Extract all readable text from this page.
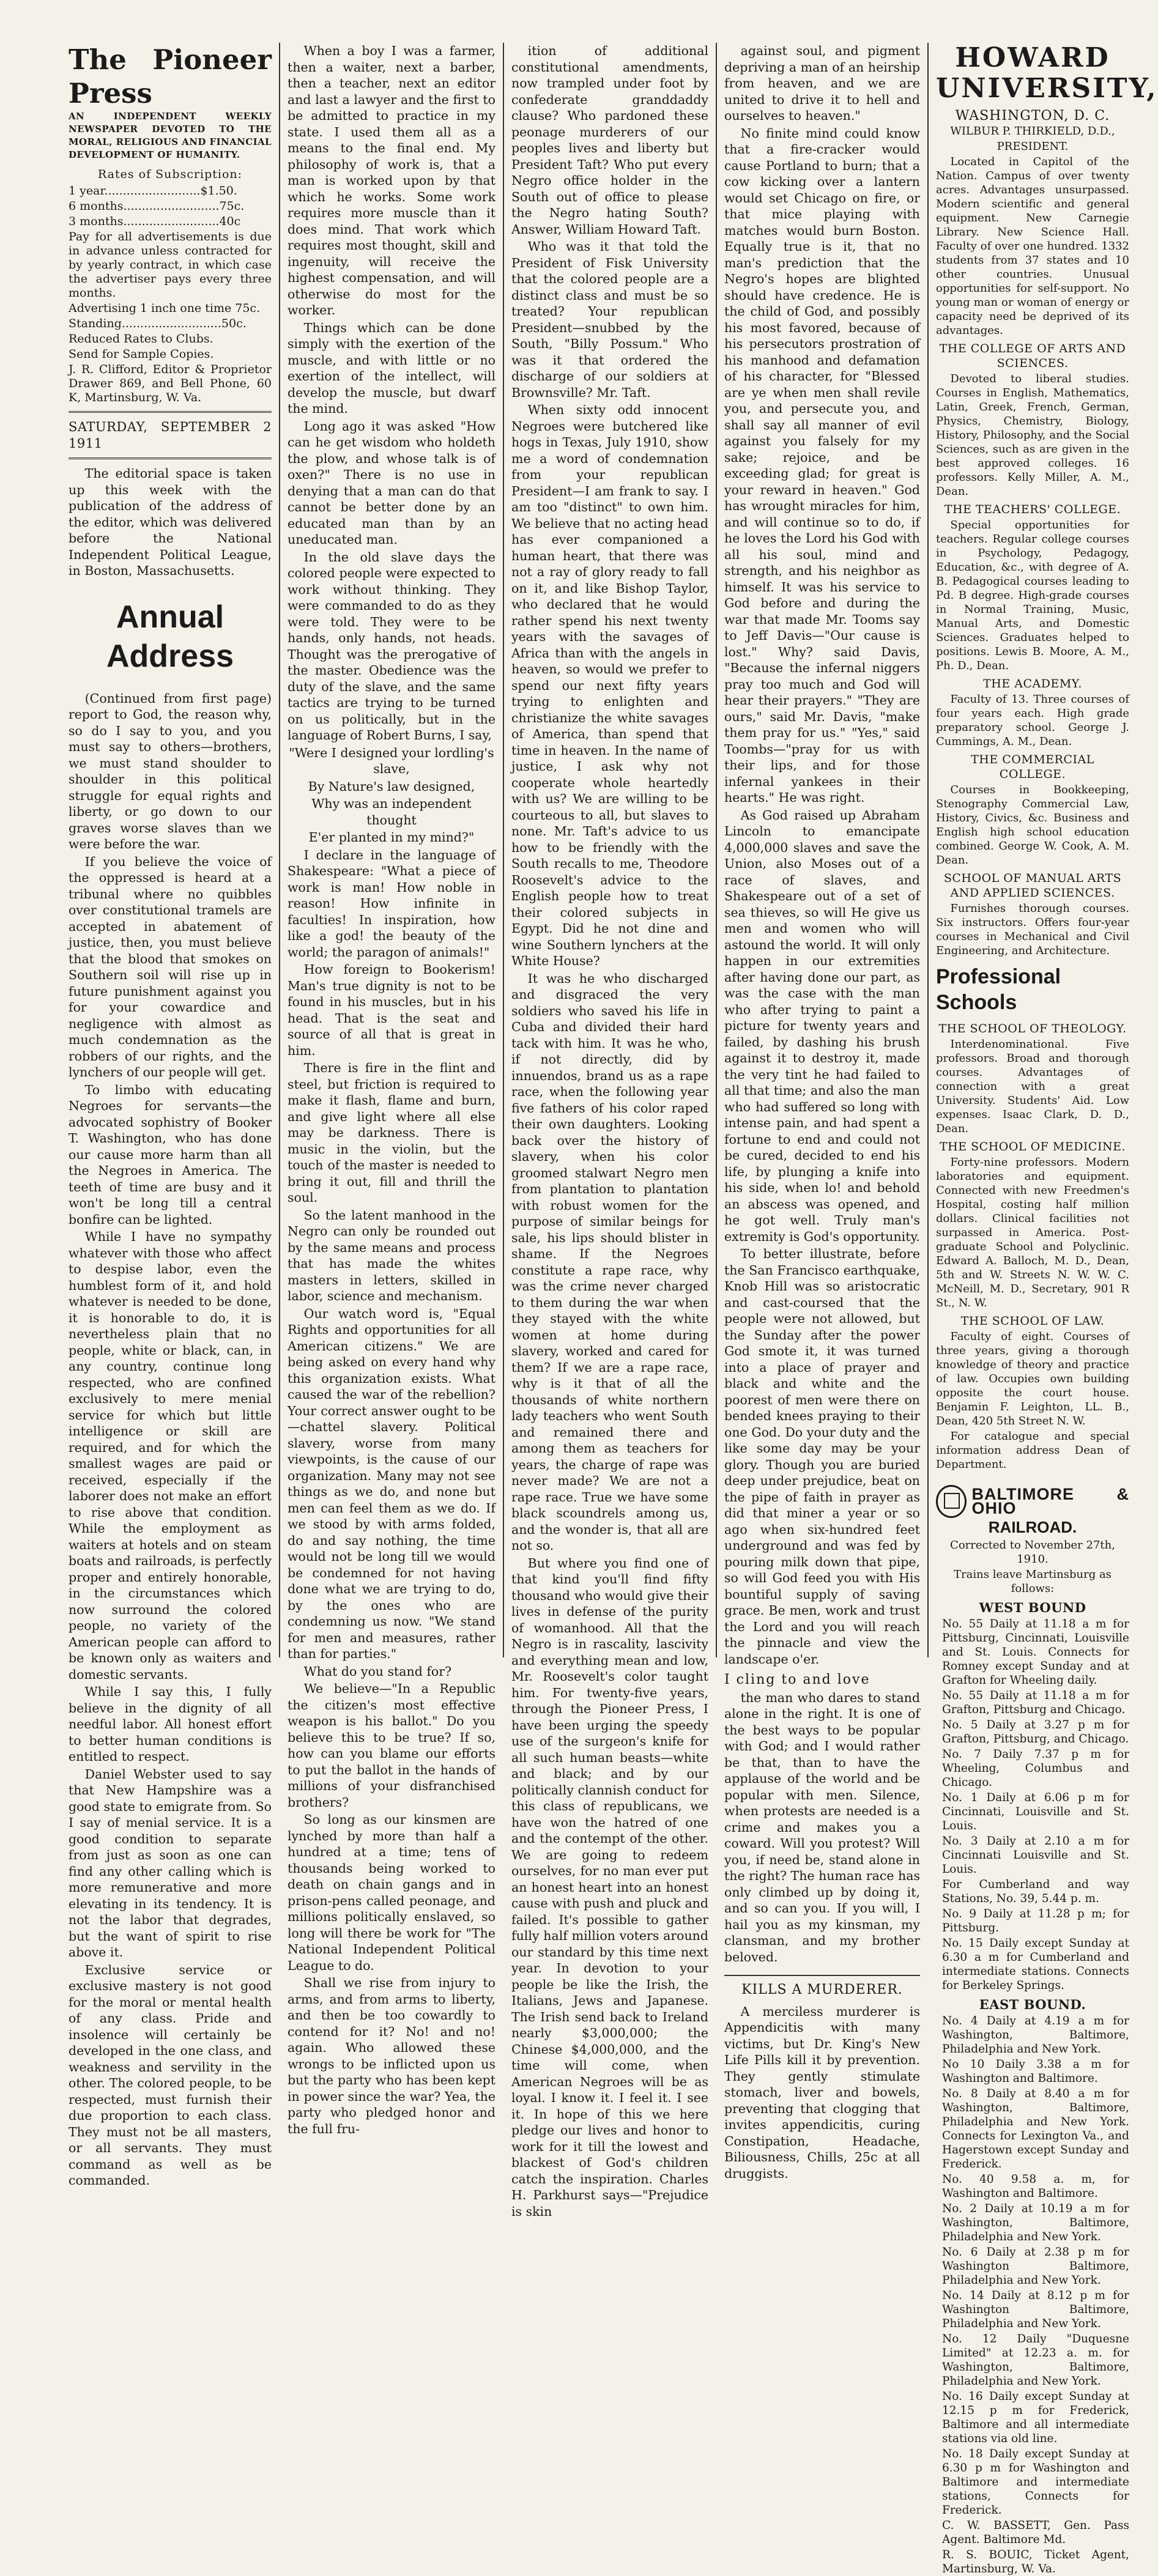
The Pioneer Press

AN INDEPENDENT WEEKLY NEWSPAPER DEVOTED TO THE MORAL, RELIGIOUS AND FINANCIAL DEVELOPMENT OF HUMANITY.

Rates of Subscription:

1 year..........................$1.50.

6 months..........................75c.

3 months..........................40c

Pay for all advertisements is due in advance unless contracted for by yearly contract, in which case the advertiser pays every three months.

Advertising 1 inch one time 75c.

Standing...........................50c.

Reduced Rates to Clubs.

Send for Sample Copies.

J. R. Clifford, Editor & Proprietor Drawer 869, and Bell Phone, 60 K, Martinsburg, W. Va.

SATURDAY, SEPTEMBER 2 1911

The editorial space is taken up this week with the publication of the address of the editor, which was delivered before the National Independent Political League, in Boston, Massachusetts.

Annual Address

(Continued from first page) report to God, the reason why, so do I say to you, and you must say to others—brothers, we must stand shoulder to shoulder in this political struggle for equal rights and liberty, or go down to our graves worse slaves than we were before the war.

If you believe the voice of the oppressed is heard at a tribunal where no quibbles over constitutional tramels are accepted in abatement of justice, then, you must believe that the blood that smokes on Southern soil will rise up in future punishment against you for your cowardice and negligence with almost as much condemnation as the robbers of our rights, and the lynchers of our people will get.

To limbo with educating Negroes for servants—the advocated sophistry of Booker T. Washington, who has done our cause more harm than all the Negroes in America. The teeth of time are busy and it won't be long till a central bonfire can be lighted.

While I have no sympathy whatever with those who affect to despise labor, even the humblest form of it, and hold whatever is needed to be done, it is honorable to do, it is nevertheless plain that no people, white or black, can, in any country, continue long respected, who are confined exclusively to mere menial service for which but little intelligence or skill are required, and for which the smallest wages are paid or received, especially if the laborer does not make an effort to rise above that condition. While the employment as waiters at hotels and on steam boats and railroads, is perfectly proper and entirely honorable, in the circumstances which now surround the colored people, no variety of the American people can afford to be known only as waiters and domestic servants.

While I say this, I fully believe in the dignity of all needful labor. All honest effort to better human conditions is entitled to respect.

Daniel Webster used to say that New Hampshire was a good state to emigrate from. So I say of menial service. It is a good condition to separate from just as soon as one can find any other calling which is more remunerative and more elevating in its tendency. It is not the labor that degrades, but the want of spirit to rise above it.

Exclusive service or exclusive mastery is not good for the moral or mental health of any class. Pride and insolence will certainly be developed in the one class, and weakness and servility in the other. The colored people, to be respected, must furnish their due proportion to each class. They must not be all masters, or all servants. They must command as well as be commanded.

When a boy I was a farmer, then a waiter, next a barber, then a teacher, next an editor and last a lawyer and the first to be admitted to practice in my state. I used them all as a means to the final end. My philosophy of work is, that a man is worked upon by that which he works. Some work requires more muscle than it does mind. That work which requires most thought, skill and ingenuity, will receive the highest compensation, and will otherwise do most for the worker.

Things which can be done simply with the exertion of the muscle, and with little or no exertion of the intellect, will develop the muscle, but dwarf the mind.

Long ago it was asked "How can he get wisdom who holdeth the plow, and whose talk is of oxen?" There is no use in denying that a man can do that cannot be better done by an educated man than by an uneducated man.

In the old slave days the colored people were expected to work without thinking. They were commanded to do as they were told. They were to be hands, only hands, not heads. Thought was the prerogative of the master. Obedience was the duty of the slave, and the same tactics are trying to be turned on us politically, but in the language of Robert Burns, I say,

"Were I designed your lordling's slave,

By Nature's law designed,

Why was an independent thought

E'er planted in my mind?"

I declare in the language of Shakespeare: "What a piece of work is man! How noble in reason! How infinite in faculties! In inspiration, how like a god! the beauty of the world; the paragon of animals!"

How foreign to Bookerism! Man's true dignity is not to be found in his muscles, but in his head. That is the seat and source of all that is great in him.

There is fire in the flint and steel, but friction is required to make it flash, flame and burn, and give light where all else may be darkness. There is music in the violin, but the touch of the master is needed to bring it out, fill and thrill the soul.

So the latent manhood in the Negro can only be rounded out by the same means and process that has made the whites masters in letters, skilled in labor, science and mechanism.

Our watch word is, "Equal Rights and opportunities for all American citizens." We are being asked on every hand why this organization exists. What caused the war of the rebellion? Your correct answer ought to be—chattel slavery. Political slavery, worse from many viewpoints, is the cause of our organization. Many may not see things as we do, and none but men can feel them as we do. If we stood by with arms folded, do and say nothing, the time would not be long till we would be condemned for not having done what we are trying to do, by the ones who are condemning us now. "We stand for men and measures, rather than for parties."

What do you stand for?

We believe—"In a Republic the citizen's most effective weapon is his ballot." Do you believe this to be true? If so, how can you blame our efforts to put the ballot in the hands of millions of your disfranchised brothers?

So long as our kinsmen are lynched by more than half a hundred at a time; tens of thousands being worked to death on chain gangs and in prison-pens called peonage, and millions politically enslaved, so long will there be work for "The National Independent Political League to do.

Shall we rise from injury to arms, and from arms to liberty, and then be too cowardly to contend for it? No! and no! again. Who allowed these wrongs to be inflicted upon us but the party who has been kept in power since the war? Yea, the party who pledged honor and the full fru-

ition of additional constitutional amendments, now trampled under foot by confederate granddaddy clause? Who pardoned these peonage murderers of our peoples lives and liberty but President Taft? Who put every Negro office holder in the South out of office to please the Negro hating South? Answer, William Howard Taft.

Who was it that told the President of Fisk University that the colored people are a distinct class and must be so treated? Your republican President—snubbed by the South, "Billy Possum." Who was it that ordered the discharge of our soldiers at Brownsville? Mr. Taft.

When sixty odd innocent Negroes were butchered like hogs in Texas, July 1910, show me a word of condemnation from your republican President—I am frank to say. I am too "distinct" to own him. We believe that no acting head has ever companioned a human heart, that there was not a ray of glory ready to fall on it, and like Bishop Taylor, who declared that he would rather spend his next twenty years with the savages of Africa than with the angels in heaven, so would we prefer to spend our next fifty years trying to enlighten and christianize the white savages of America, than spend that time in heaven. In the name of justice, I ask why not cooperate whole heartedly with us? We are willing to be courteous to all, but slaves to none. Mr. Taft's advice to us how to be friendly with the South recalls to me, Theodore Roosevelt's advice to the English people how to treat their colored subjects in Egypt. Did he not dine and wine Southern lynchers at the White House?

It was he who discharged and disgraced the very soldiers who saved his life in Cuba and divided their hard tack with him. It was he who, if not directly, did by innuendos, brand us as a rape race, when the following year five fathers of his color raped their own daughters. Looking back over the history of slavery, when his color groomed stalwart Negro men from plantation to plantation with robust women for the purpose of similar beings for sale, his lips should blister in shame. If the Negroes constitute a rape race, why was the crime never charged to them during the war when they stayed with the white women at home during slavery, worked and cared for them? If we are a rape race, why is it that of all the thousands of white northern lady teachers who went South and remained there and among them as teachers for years, the charge of rape was never made? We are not a rape race. True we have some black scoundrels among us, and the wonder is, that all are not so.

But where you find one of that kind you'll find fifty thousand who would give their lives in defense of the purity of womanhood. All that the Negro is in rascality, lascivity and everything mean and low, Mr. Roosevelt's color taught him. For twenty-five years, through the Pioneer Press, I have been urging the speedy use of the surgeon's knife for all such human beasts—white and black; and by our politically clannish conduct for this class of republicans, we have won the hatred of one and the contempt of the other. We are going to redeem ourselves, for no man ever put an honest heart into an honest cause with push and pluck and failed. It's possible to gather fully half million voters around our standard by this time next year. In devotion to your people be like the Irish, the Italians, Jews and Japanese. The Irish send back to Ireland nearly $3,000,000; the Chinese $4,000,000, and the time will come, when American Negroes will be as loyal. I know it. I feel it. I see it. In hope of this we here pledge our lives and honor to work for it till the lowest and blackest of God's children catch the inspiration. Charles H. Parkhurst says—"Prejudice is skin

against soul, and pigment depriving a man of an heirship from heaven, and we are united to drive it to hell and ourselves to heaven."

No finite mind could know that a fire-cracker would cause Portland to burn; that a cow kicking over a lantern would set Chicago on fire, or that mice playing with matches would burn Boston. Equally true is it, that no man's prediction that the Negro's hopes are blighted should have credence. He is the child of God, and possibly his most favored, because of his persecutors prostration of his manhood and defamation of his character, for "Blessed are ye when men shall revile you, and persecute you, and shall say all manner of evil against you falsely for my sake; rejoice, and be exceeding glad; for great is your reward in heaven." God has wrought miracles for him, and will continue so to do, if he loves the Lord his God with all his soul, mind and strength, and his neighbor as himself. It was his service to God before and during the war that made Mr. Tooms say to Jeff Davis—"Our cause is lost." Why? said Davis, "Because the infernal niggers pray too much and God will hear their prayers." "They are ours," said Mr. Davis, "make them pray for us." "Yes," said Toombs—"pray for us with their lips, and for those infernal yankees in their hearts." He was right.

As God raised up Abraham Lincoln to emancipate 4,000,000 slaves and save the Union, also Moses out of a race of slaves, and Shakespeare out of a set of sea thieves, so will He give us men and women who will astound the world. It will only happen in our extremities after having done our part, as was the case with the man who after trying to paint a picture for twenty years and failed, by dashing his brush against it to destroy it, made the very tint he had failed to all that time; and also the man who had suffered so long with intense pain, and had spent a fortune to end and could not be cured, decided to end his life, by plunging a knife into his side, when lo! and behold an abscess was opened, and he got well. Truly man's extremity is God's opportunity.

To better illustrate, before the San Francisco earthquake, Knob Hill was so aristocratic and cast-coursed that the people were not allowed, but the Sunday after the power God smote it, it was turned into a place of prayer and black and white and the poorest of men were there on bended knees praying to their one God. Do your duty and the like some day may be your glory. Though you are buried deep under prejudice, beat on the pipe of faith in prayer as did that miner a year or so ago when six-hundred feet underground and was fed by pouring milk down that pipe, so will God feed you with His bountiful supply of saving grace. Be men, work and trust the Lord and you will reach the pinnacle and view the landscape o'er.

I cling to and love

the man who dares to stand alone in the right. It is one of the best ways to be popular with God; and I would rather be that, than to have the applause of the world and be popular with men. Silence, when protests are needed is a crime and makes you a coward. Will you protest? Will you, if need be, stand alone in the right? The human race has only climbed up by doing it, and so can you. If you will, I hail you as my kinsman, my clansman, and my brother beloved.

KILLS A MURDERER.

A merciless murderer is Appendicitis with many victims, but Dr. King's New Life Pills kill it by prevention. They gently stimulate stomach, liver and bowels, preventing that clogging that invites appendicitis, curing Constipation, Headache, Biliousness, Chills, 25c at all druggists.

HOWARD UNIVERSITY,

WASHINGTON, D. C.

WILBUR P. THIRKIELD, D.D.,

PRESIDENT.

Located in Capitol of the Nation. Campus of over twenty acres. Advantages unsurpassed. Modern scientific and general equipment. New Carnegie Library. New Science Hall. Faculty of over one hundred. 1332 students from 37 states and 10 other countries. Unusual opportunities for self-support. No young man or woman of energy or capacity need be deprived of its advantages.

THE COLLEGE OF ARTS AND SCIENCES.

Devoted to liberal studies. Courses in English, Mathematics, Latin, Greek, French, German, Physics, Chemistry, Biology, History, Philosophy, and the Social Sciences, such as are given in the best approved colleges. 16 professors. Kelly Miller, A. M., Dean.

THE TEACHERS' COLLEGE.

Special opportunities for teachers. Regular college courses in Psychology, Pedagogy, Education, &c., with degree of A. B. Pedagogical courses leading to Pd. B degree. High-grade courses in Normal Training, Music, Manual Arts, and Domestic Sciences. Graduates helped to positions. Lewis B. Moore, A. M., Ph. D., Dean.

THE ACADEMY.

Faculty of 13. Three courses of four years each. High grade preparatory school. George J. Cummings, A. M., Dean.

THE COMMERCIAL COLLEGE.

Courses in Bookkeeping, Stenography Commercial Law, History, Civics, &c. Business and English high school education combined. George W. Cook, A. M. Dean.

SCHOOL OF MANUAL ARTS AND APPLIED SCIENCES.

Furnishes thorough courses. Six instructors. Offers four-year courses in Mechanical and Civil Engineering, and Architecture.

Professional Schools

THE SCHOOL OF THEOLOGY.

Interdenominational. Five professors. Broad and thorough courses. Advantages of connection with a great University. Students' Aid. Low expenses. Isaac Clark, D. D., Dean.

THE SCHOOL OF MEDICINE.

Forty-nine professors. Modern laboratories and equipment. Connected with new Freedmen's Hospital, costing half million dollars. Clinical facilities not surpassed in America. Post-graduate School and Polyclinic. Edward A. Balloch, M. D., Dean, 5th and W. Streets N. W. W. C. McNeill, M. D., Secretary, 901 R St., N. W.

THE SCHOOL OF LAW.

Faculty of eight. Courses of three years, giving a thorough knowledge of theory and practice of law. Occupies own building opposite the court house. Benjamin F. Leighton, LL. B., Dean, 420 5th Street N. W.

For catalogue and special information address Dean of Department.

BALTIMORE & OHIO
RAILROAD.

Corrected to November 27th, 1910.

Trains leave Martinsburg as follows:

WEST BOUND

No. 55 Daily at 11.18 a m for Pittsburg, Cincinnati, Louisville and St. Louis. Connects for Romney except Sunday and at Grafton for Wheeling daily.

No. 55 Daily at 11.18 a m for Grafton, Pittsburg and Chicago.

No. 5 Daily at 3.27 p m for Grafton, Pittsburg, and Chicago.

No. 7 Daily 7.37 p m for Wheeling, Columbus and Chicago.

No. 1 Daily at 6.06 p m for Cincinnati, Louisville and St. Louis.

No. 3 Daily at 2.10 a m for Cincinnati Louisville and St. Louis.

For Cumberland and way Stations, No. 39, 5.44 p. m.

No. 9 Daily at 11.28 p m; for Pittsburg.

No. 15 Daily except Sunday at 6.30 a m for Cumberland and intermediate stations. Connects for Berkeley Springs.

EAST BOUND.

No. 4 Daily at 4.19 a m for Washington, Baltimore, Philadelphia and New York.

No 10 Daily 3.38 a m for Washington and Baltimore.

No. 8 Daily at 8.40 a m for Washington, Baltimore, Philadelphia and New York. Connects for Lexington Va., and Hagerstown except Sunday and Frederick.

No. 40 9.58 a. m, for Washington and Baltimore.

No. 2 Daily at 10.19 a m for Washington, Baltimore, Philadelphia and New York.

No. 6 Daily at 2.38 p m for Washington Baltimore, Philadelphia and New York.

No. 14 Daily at 8.12 p m for Washington Baltimore, Philadelphia and New York.

No. 12 Daily "Duquesne Limited" at 12.23 a. m. for Washington, Baltimore, Philadelphia and New York.

No. 16 Daily except Sunday at 12.15 p m for Frederick, Baltimore and all intermediate stations via old line.

No. 18 Daily except Sunday at 6.30 p m for Washington and Baltimore and intermediate stations, Connects for Frederick.

C. W. BASSETT, Gen. Pass Agent. Baltimore Md.

R. S. BOUIC, Ticket Agent, Martinsburg, W. Va.
